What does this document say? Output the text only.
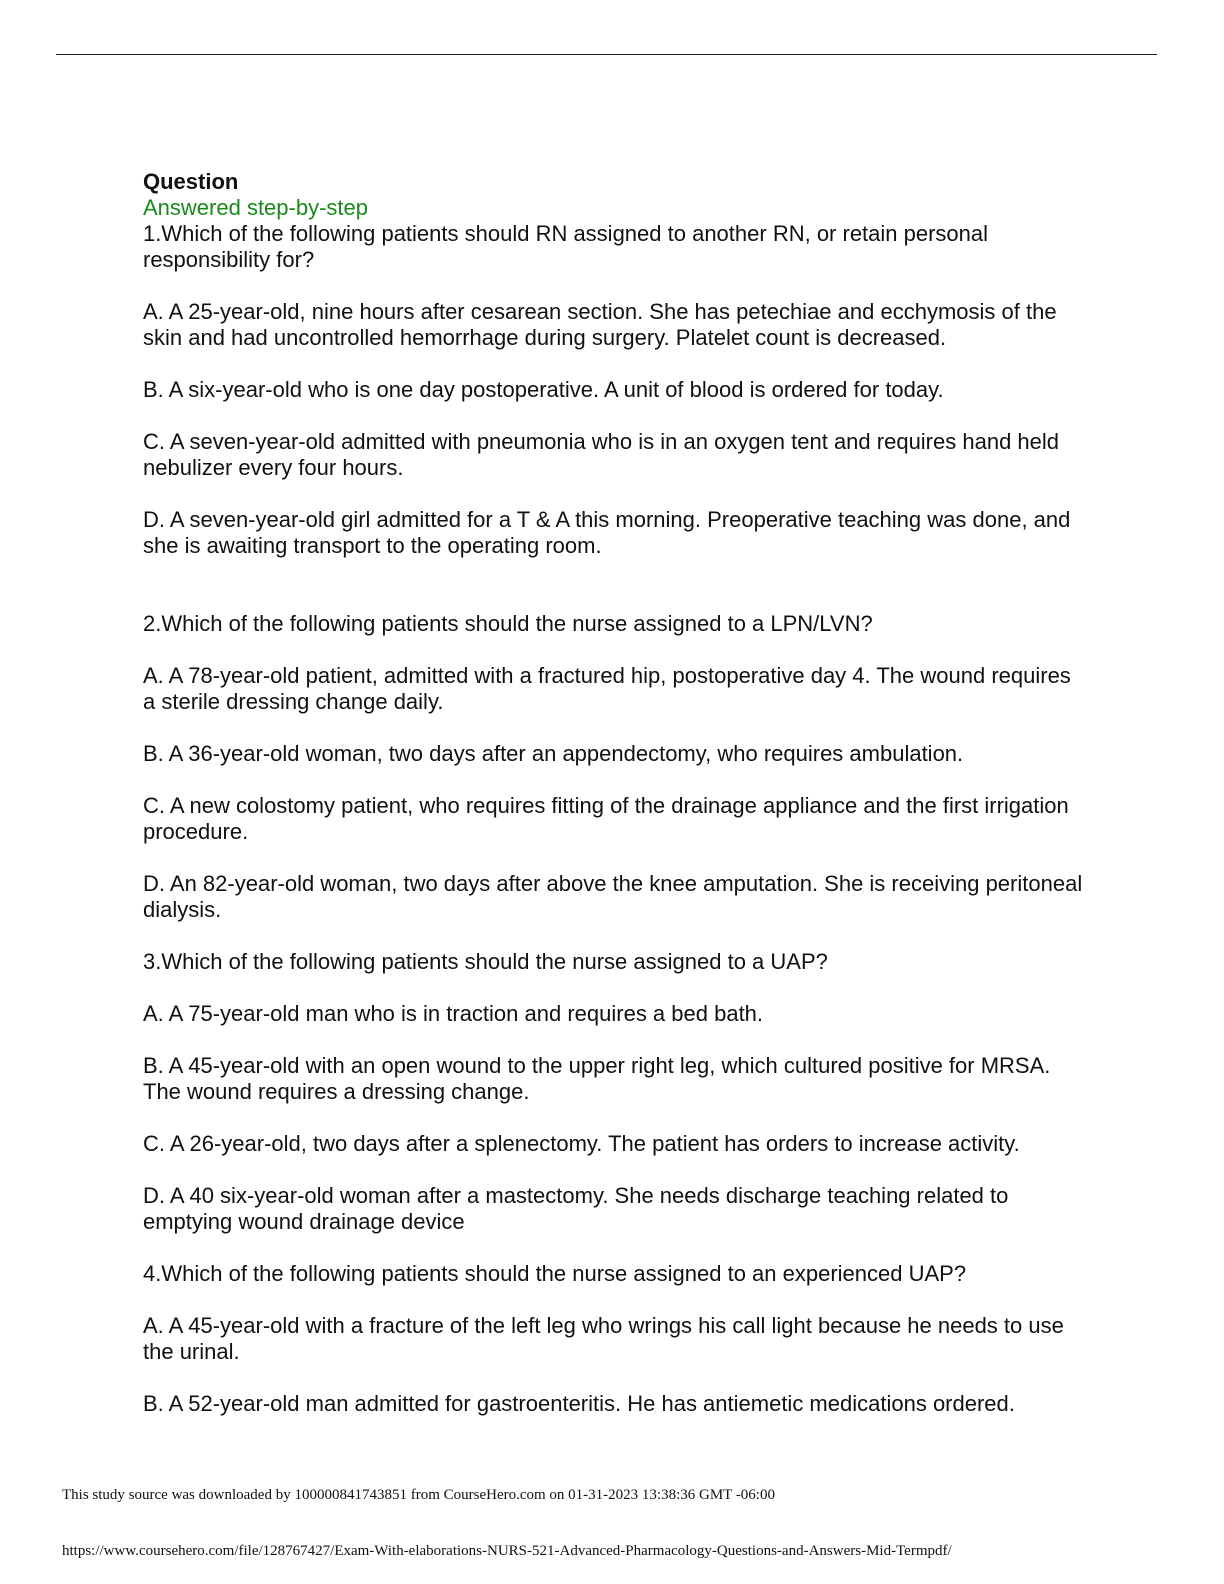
Question
Answered step-by-step

1.Which of the following patients should RN assigned to another RN, or retain personal responsibility for?

A. A 25-year-old, nine hours after cesarean section. She has petechiae and ecchymosis of the skin and had uncontrolled hemorrhage during surgery. Platelet count is decreased.

B. A six-year-old who is one day postoperative. A unit of blood is ordered for today.

C. A seven-year-old admitted with pneumonia who is in an oxygen tent and requires hand held nebulizer every four hours.

D. A seven-year-old girl admitted for a T & A this morning. Preoperative teaching was done, and she is awaiting transport to the operating room.

2.Which of the following patients should the nurse assigned to a LPN/LVN?

A. A 78-year-old patient, admitted with a fractured hip, postoperative day 4. The wound requires a sterile dressing change daily.

B. A 36-year-old woman, two days after an appendectomy, who requires ambulation.

C. A new colostomy patient, who requires fitting of the drainage appliance and the first irrigation procedure.

D. An 82-year-old woman, two days after above the knee amputation. She is receiving peritoneal dialysis.

3.Which of the following patients should the nurse assigned to a UAP?

A. A 75-year-old man who is in traction and requires a bed bath.

B. A 45-year-old with an open wound to the upper right leg, which cultured positive for MRSA. The wound requires a dressing change.

C. A 26-year-old, two days after a splenectomy. The patient has orders to increase activity.

D. A 40 six-year-old woman after a mastectomy. She needs discharge teaching related to emptying wound drainage device

4.Which of the following patients should the nurse assigned to an experienced UAP?

A. A 45-year-old with a fracture of the left leg who wrings his call light because he needs to use the urinal.

B. A 52-year-old man admitted for gastroenteritis. He has antiemetic medications ordered.

This study source was downloaded by 100000841743851 from CourseHero.com on 01-31-2023 13:38:36 GMT -06:00
https://www.coursehero.com/file/128767427/Exam-With-elaborations-NURS-521-Advanced-Pharmacology-Questions-and-Answers-Mid-Termpdf/
